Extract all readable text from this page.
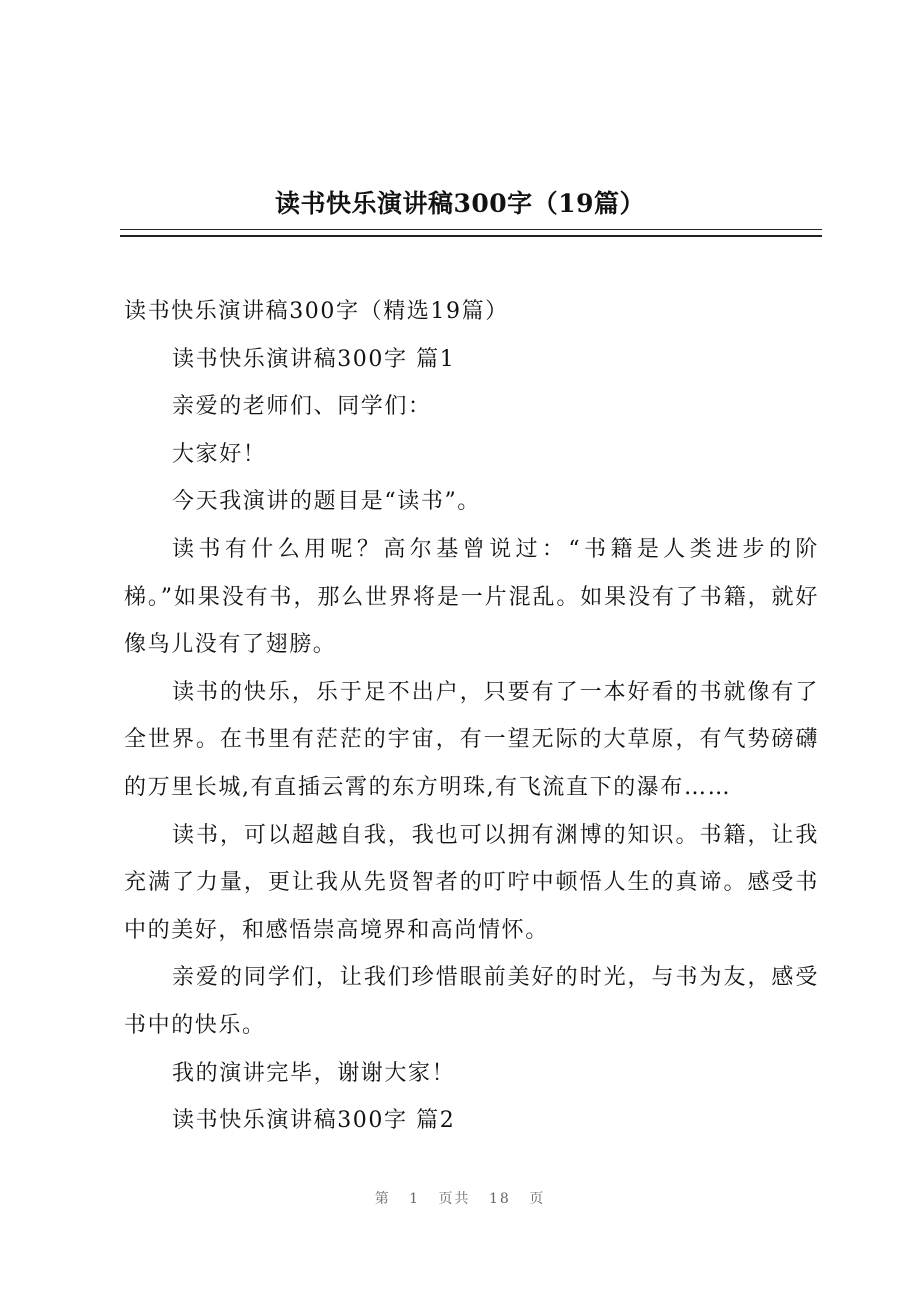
读书快乐演讲稿300字（19篇）

读书快乐演讲稿300字（精选19篇）

读书快乐演讲稿300字 篇1

亲爱的老师们、同学们：

大家好！

今天我演讲的题目是“读书”。

读书有什么用呢？高尔基曾说过：“书籍是人类进步的阶梯。”如果没有书，那么世界将是一片混乱。如果没有了书籍，就好像鸟儿没有了翅膀。

读书的快乐，乐于足不出户，只要有了一本好看的书就像有了全世界。在书里有茫茫的宇宙，有一望无际的大草原，有气势磅礴的万里长城,有直插云霄的东方明珠,有飞流直下的瀑布……

读书，可以超越自我，我也可以拥有渊博的知识。书籍，让我充满了力量，更让我从先贤智者的叮咛中顿悟人生的真谛。感受书中的美好，和感悟崇高境界和高尚情怀。

亲爱的同学们，让我们珍惜眼前美好的时光，与书为友，感受书中的快乐。

我的演讲完毕，谢谢大家！

读书快乐演讲稿300字 篇2

第 1 页共 18 页
